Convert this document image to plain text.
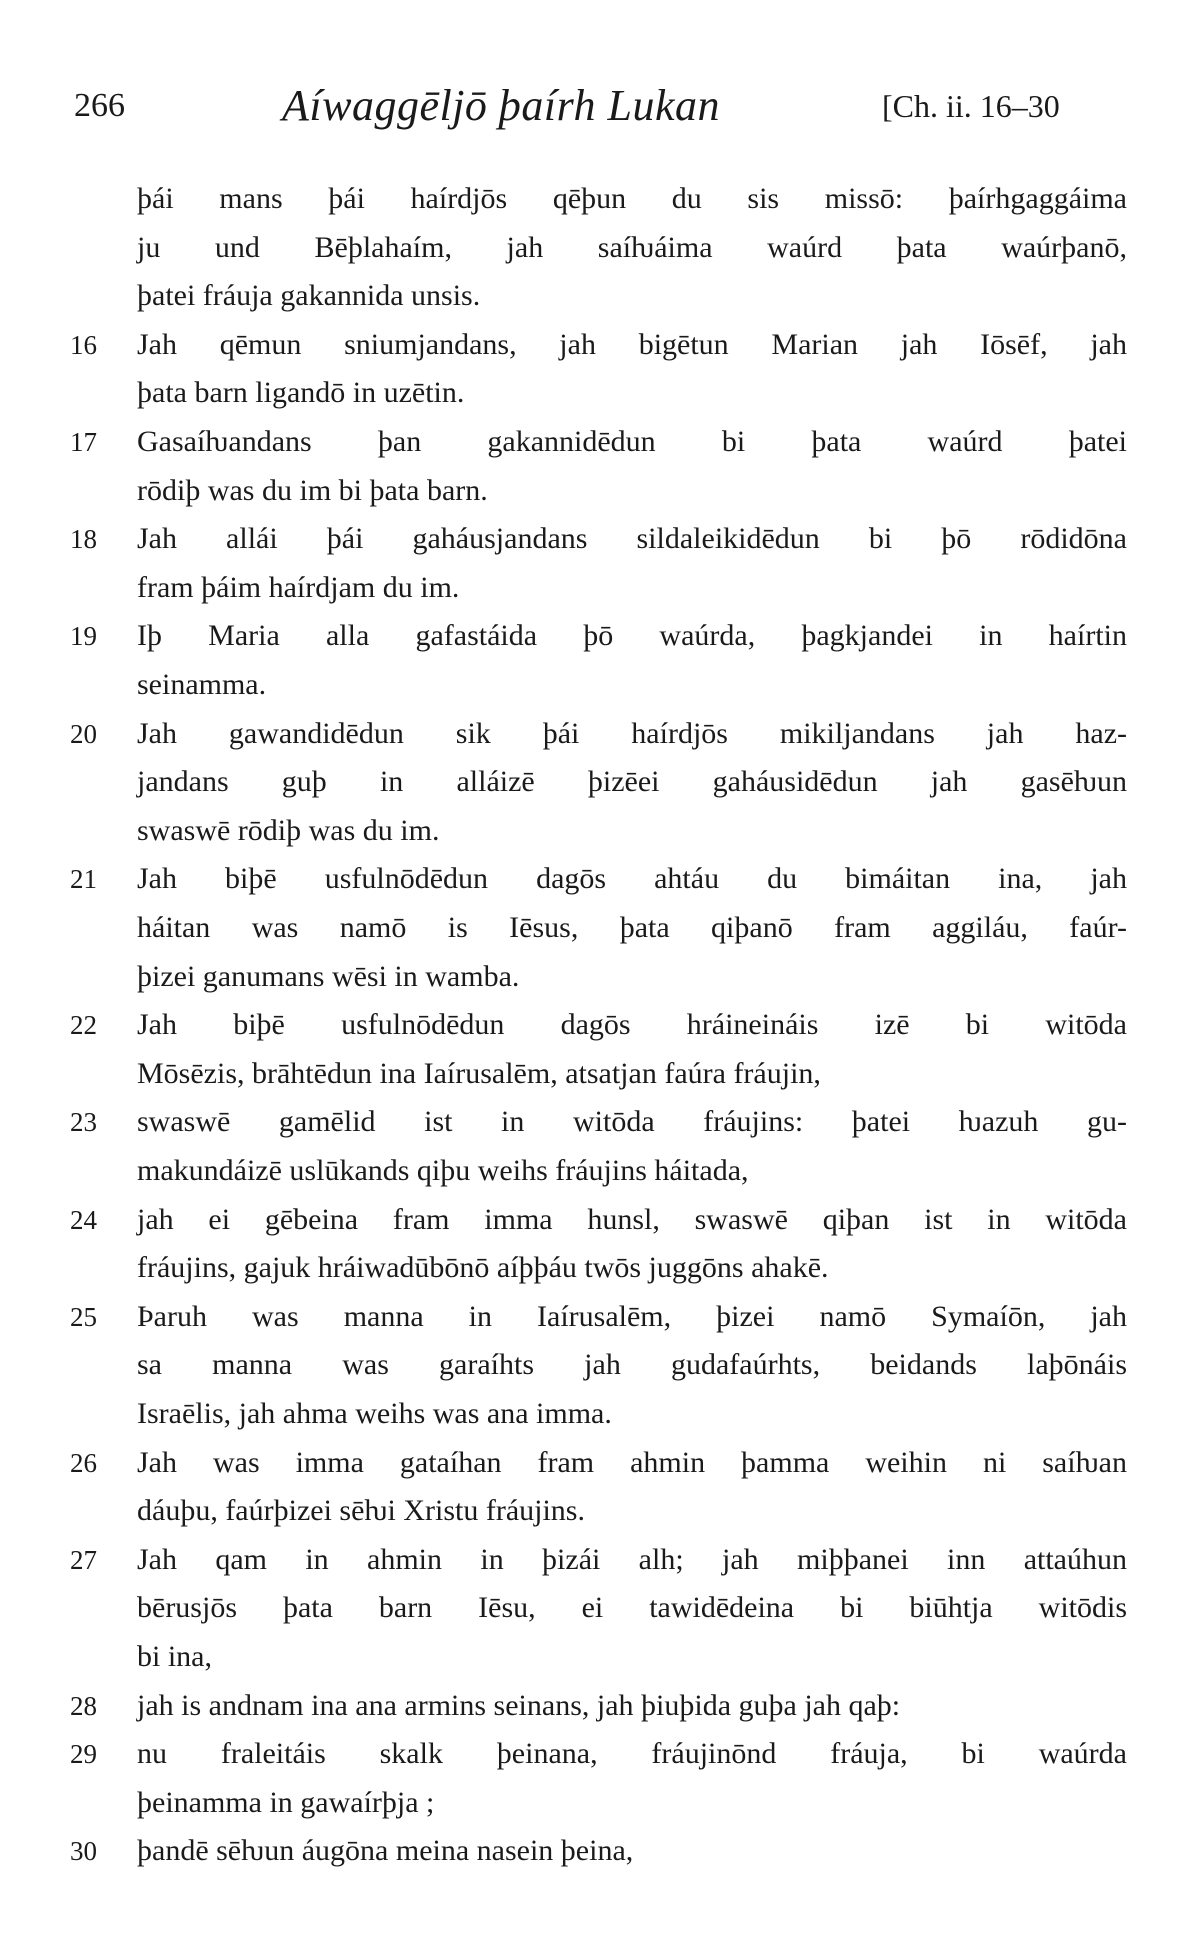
266	Aíwaggēljō þaírh Lukan	[Ch. ii. 16–30
þái mans þái haírdjōs qēþun du sis missō: þaírhgaggáima
ju und Bēþlahaím, jah saíƕáima waúrd þata waúrþanō,
þatei fráuja gakannida unsis.
16 Jah qēmun sniumjandans, jah bigētun Marian jah Iōsēf, jah
þata barn ligandō in uzētin.
17 Gasaíƕandans þan gakannidēdun bi þata waúrd þatei
rōdiþ was du im bi þata barn.
18 Jah allái þái gaháusjandans sildaleikidēdun bi þō rōdidōna
fram þáim haírdjam du im.
19 Iþ Maria alla gafastáida þō waúrda, þagkjandei in haírtin
seinamma.
20 Jah gawandidēdun sik þái haírdjōs mikiljandans jah haz-
jandans guþ in alláizē þizēei gaháusidēdun jah gasēƕun
swaswē rōdiþ was du im.
21 Jah biþē usfulnōdēdun dagōs ahtáu du bimáitan ina, jah
háitan was namō is Iēsus, þata qiþanō fram aggiláu, faúr-
þizei ganumans wēsi in wamba.
22 Jah biþē usfulnōdēdun dagōs hráineináis izē bi witōda
Mōsēzis, brāhtēdun ina Iaírusalēm, atsatjan faúra fráujin,
23 swaswē gamēlid ist in witōda fráujins: þatei ƕazuh gu-
makundáizē uslūkands qiþu weihs fráujins háitada,
24 jah ei gēbeina fram imma hunsl, swaswē qiþan ist in witōda
fráujins, gajuk hráiwadūbōnō aíþþáu twōs juggōns ahakē.
25 Þaruh was manna in Iaírusalēm, þizei namō Symaíōn, jah
sa manna was garaíhts jah gudafaúrhts, beidands laþōnáis
Israēlis, jah ahma weihs was ana imma.
26 Jah was imma gataíhan fram ahmin þamma weihin ni saíƕan
dáuþu, faúrþizei sēƕi Xristu fráujins.
27 Jah qam in ahmin in þizái alh; jah miþþanei inn attaúhun
bērusjōs þata barn Iēsu, ei tawidēdeina bi biūhtja witōdis
bi ina,
28 jah is andnam ina ana armins seinans, jah þiuþida guþa jah qaþ:
29 nu fraleitáis skalk þeinana, fráujinōnd fráuja, bi waúrda
þeinamma in gawaírþja ;
30 þandē sēƕun áugōna meina nasein þeina,
